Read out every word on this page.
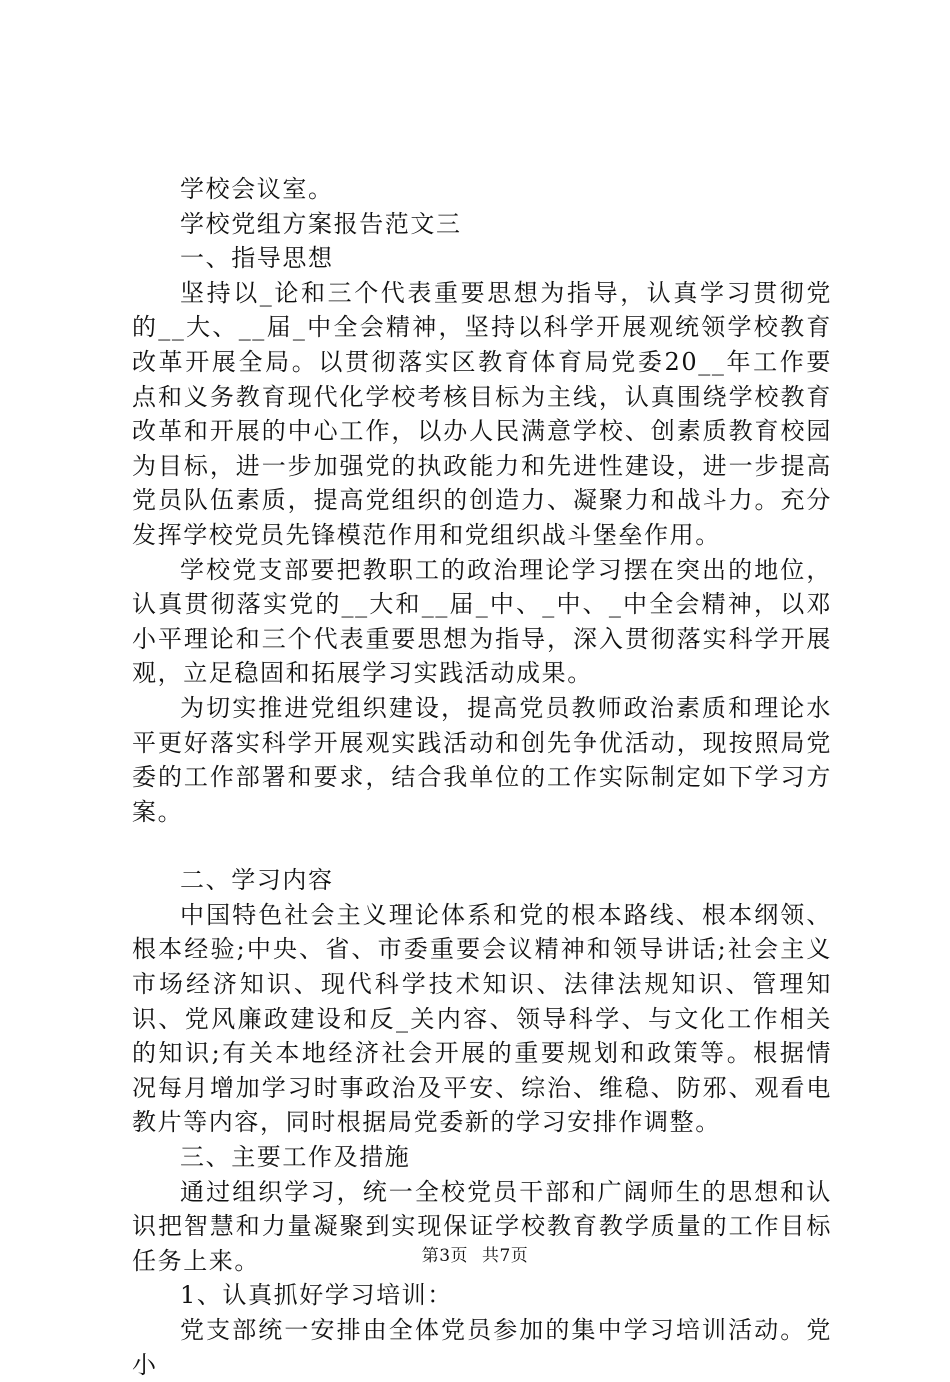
学校会议室。

学校党组方案报告范文三

一、指导思想

坚持以_论和三个代表重要思想为指导，认真学习贯彻党的__大、__届_中全会精神，坚持以科学开展观统领学校教育改革开展全局。以贯彻落实区教育体育局党委20__年工作要点和义务教育现代化学校考核目标为主线，认真围绕学校教育改革和开展的中心工作，以办人民满意学校、创素质教育校园为目标，进一步加强党的执政能力和先进性建设，进一步提高党员队伍素质，提高党组织的创造力、凝聚力和战斗力。充分发挥学校党员先锋模范作用和党组织战斗堡垒作用。

学校党支部要把教职工的政治理论学习摆在突出的地位，认真贯彻落实党的__大和__届_中、_中、_中全会精神，以邓小平理论和三个代表重要思想为指导，深入贯彻落实科学开展观，立足稳固和拓展学习实践活动成果。

为切实推进党组织建设，提高党员教师政治素质和理论水平更好落实科学开展观实践活动和创先争优活动，现按照局党委的工作部署和要求，结合我单位的工作实际制定如下学习方案。

二、学习内容

中国特色社会主义理论体系和党的根本路线、根本纲领、根本经验;中央、省、市委重要会议精神和领导讲话;社会主义市场经济知识、现代科学技术知识、法律法规知识、管理知识、党风廉政建设和反_关内容、领导科学、与文化工作相关的知识;有关本地经济社会开展的重要规划和政策等。根据情况每月增加学习时事政治及平安、综治、维稳、防邪、观看电教片等内容，同时根据局党委新的学习安排作调整。

三、主要工作及措施

通过组织学习，统一全校党员干部和广阔师生的思想和认识把智慧和力量凝聚到实现保证学校教育教学质量的工作目标任务上来。

1、认真抓好学习培训：

党支部统一安排由全体党员参加的集中学习培训活动。党小

第3页 共7页
